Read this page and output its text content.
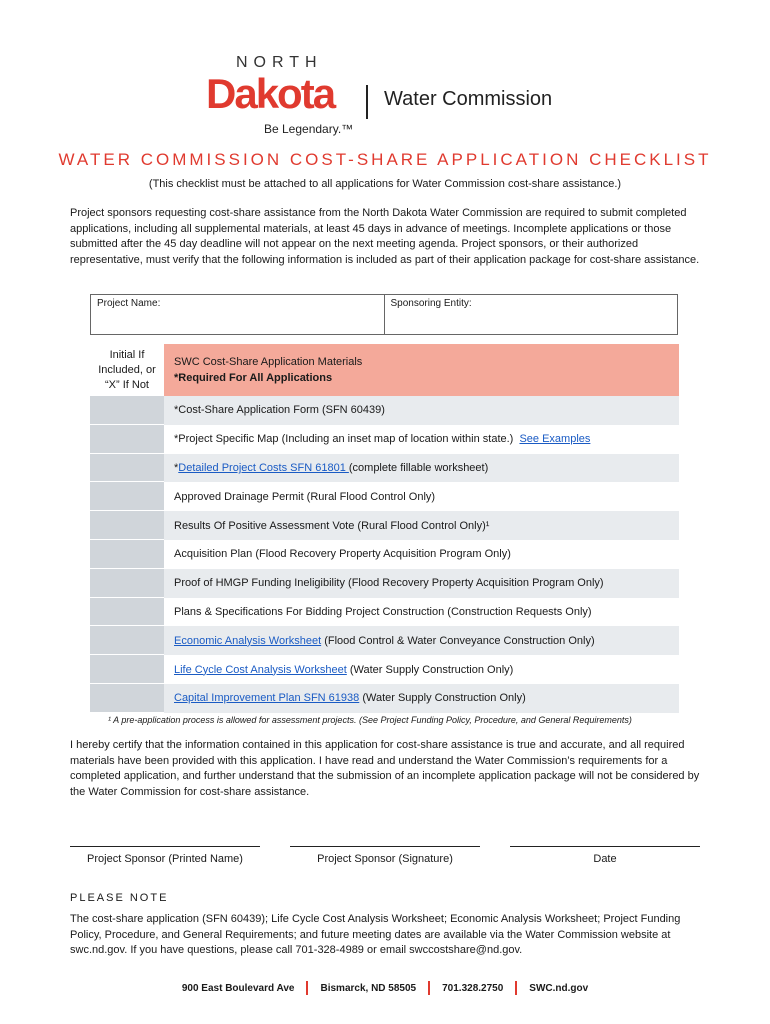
NORTH
Dakota Water Commission
Be Legendary.™
WATER COMMISSION COST-SHARE APPLICATION CHECKLIST
(This checklist must be attached to all applications for Water Commission cost-share assistance.)
Project sponsors requesting cost-share assistance from the North Dakota Water Commission are required to submit completed applications, including all supplemental materials, at least 45 days in advance of meetings. Incomplete applications or those submitted after the 45 day deadline will not appear on the next meeting agenda. Project sponsors, or their authorized representative, must verify that the following information is included as part of their application package for cost-share assistance.
Project Name:	Sponsoring Entity:
Initial If Included, or “X” If Not
SWC Cost-Share Application Materials
*Required For All Applications
*Cost-Share Application Form (SFN 60439)
*Project Specific Map (Including an inset map of location within state.)  See Examples
*Detailed Project Costs SFN 61801 (complete fillable worksheet)
Approved Drainage Permit (Rural Flood Control Only)
Results Of Positive Assessment Vote (Rural Flood Control Only)¹
Acquisition Plan (Flood Recovery Property Acquisition Program Only)
Proof of HMGP Funding Ineligibility (Flood Recovery Property Acquisition Program Only)
Plans & Specifications For Bidding Project Construction (Construction Requests Only)
Economic Analysis Worksheet (Flood Control & Water Conveyance Construction Only)
Life Cycle Cost Analysis Worksheet (Water Supply Construction Only)
Capital Improvement Plan SFN 61938 (Water Supply Construction Only)
¹ A pre-application process is allowed for assessment projects. (See Project Funding Policy, Procedure, and General Requirements)
I hereby certify that the information contained in this application for cost-share assistance is true and accurate, and all required materials have been provided with this application. I have read and understand the Water Commission’s requirements for a completed application, and further understand that the submission of an incomplete application package will not be considered by the Water Commission for cost-share assistance.
Project Sponsor (Printed Name)	Project Sponsor (Signature)	Date
PLEASE NOTE
The cost-share application (SFN 60439); Life Cycle Cost Analysis Worksheet; Economic Analysis Worksheet; Project Funding Policy, Procedure, and General Requirements; and future meeting dates are available via the Water Commission website at swc.nd.gov. If you have questions, please call 701-328-4989 or email swccostshare@nd.gov.
900 East Boulevard Ave	Bismarck, ND 58505	701.328.2750	SWC.nd.gov
